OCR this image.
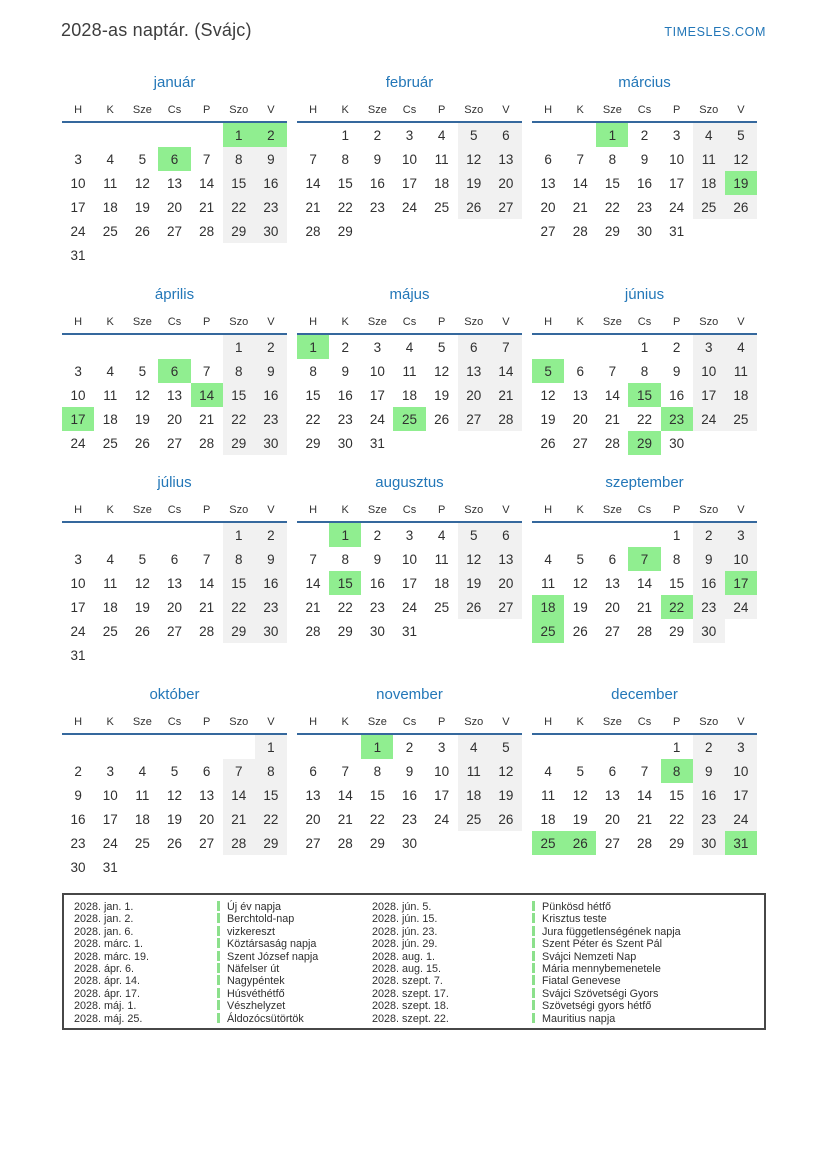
2028-as naptár. (Svájc)	TIMESLES.COM
január
H	K	Sze	Cs	P	Szo	V
					1	2
3	4	5	6	7	8	9
10	11	12	13	14	15	16
17	18	19	20	21	22	23
24	25	26	27	28	29	30
31						
február
H	K	Sze	Cs	P	Szo	V
	1	2	3	4	5	6
7	8	9	10	11	12	13
14	15	16	17	18	19	20
21	22	23	24	25	26	27
28	29					
március
H	K	Sze	Cs	P	Szo	V
		1	2	3	4	5
6	7	8	9	10	11	12
13	14	15	16	17	18	19
20	21	22	23	24	25	26
27	28	29	30	31		
április
H	K	Sze	Cs	P	Szo	V
					1	2
3	4	5	6	7	8	9
10	11	12	13	14	15	16
17	18	19	20	21	22	23
24	25	26	27	28	29	30
május
H	K	Sze	Cs	P	Szo	V
1	2	3	4	5	6	7
8	9	10	11	12	13	14
15	16	17	18	19	20	21
22	23	24	25	26	27	28
29	30	31				
június
H	K	Sze	Cs	P	Szo	V
			1	2	3	4
5	6	7	8	9	10	11
12	13	14	15	16	17	18
19	20	21	22	23	24	25
26	27	28	29	30		
július
H	K	Sze	Cs	P	Szo	V
					1	2
3	4	5	6	7	8	9
10	11	12	13	14	15	16
17	18	19	20	21	22	23
24	25	26	27	28	29	30
31						
augusztus
H	K	Sze	Cs	P	Szo	V
	1	2	3	4	5	6
7	8	9	10	11	12	13
14	15	16	17	18	19	20
21	22	23	24	25	26	27
28	29	30	31			
szeptember
H	K	Sze	Cs	P	Szo	V
				1	2	3
4	5	6	7	8	9	10
11	12	13	14	15	16	17
18	19	20	21	22	23	24
25	26	27	28	29	30	
október
H	K	Sze	Cs	P	Szo	V
						1
2	3	4	5	6	7	8
9	10	11	12	13	14	15
16	17	18	19	20	21	22
23	24	25	26	27	28	29
30	31					
november
H	K	Sze	Cs	P	Szo	V
		1	2	3	4	5
6	7	8	9	10	11	12
13	14	15	16	17	18	19
20	21	22	23	24	25	26
27	28	29	30			
december
H	K	Sze	Cs	P	Szo	V
				1	2	3
4	5	6	7	8	9	10
11	12	13	14	15	16	17
18	19	20	21	22	23	24
25	26	27	28	29	30	31
2028. jan. 1.	Új év napja	2028. jún. 5.	Pünkösd hétfő
2028. jan. 2.	Berchtold-nap	2028. jún. 15.	Krisztus teste
2028. jan. 6.	vizkereszt	2028. jún. 23.	Jura függetlenségének napja
2028. márc. 1.	Köztársaság napja	2028. jún. 29.	Szent Péter és Szent Pál
2028. márc. 19.	Szent József napja	2028. aug. 1.	Svájci Nemzeti Nap
2028. ápr. 6.	Näfelser út	2028. aug. 15.	Mária mennybemenetele
2028. ápr. 14.	Nagypéntek	2028. szept. 7.	Fiatal Genevese
2028. ápr. 17.	Húsvéthétfő	2028. szept. 17.	Svájci Szövetségi Gyors
2028. máj. 1.	Vészhelyzet	2028. szept. 18.	Szövetségi gyors hétfő
2028. máj. 25.	Áldozócsütörtök	2028. szept. 22.	Mauritius napja
